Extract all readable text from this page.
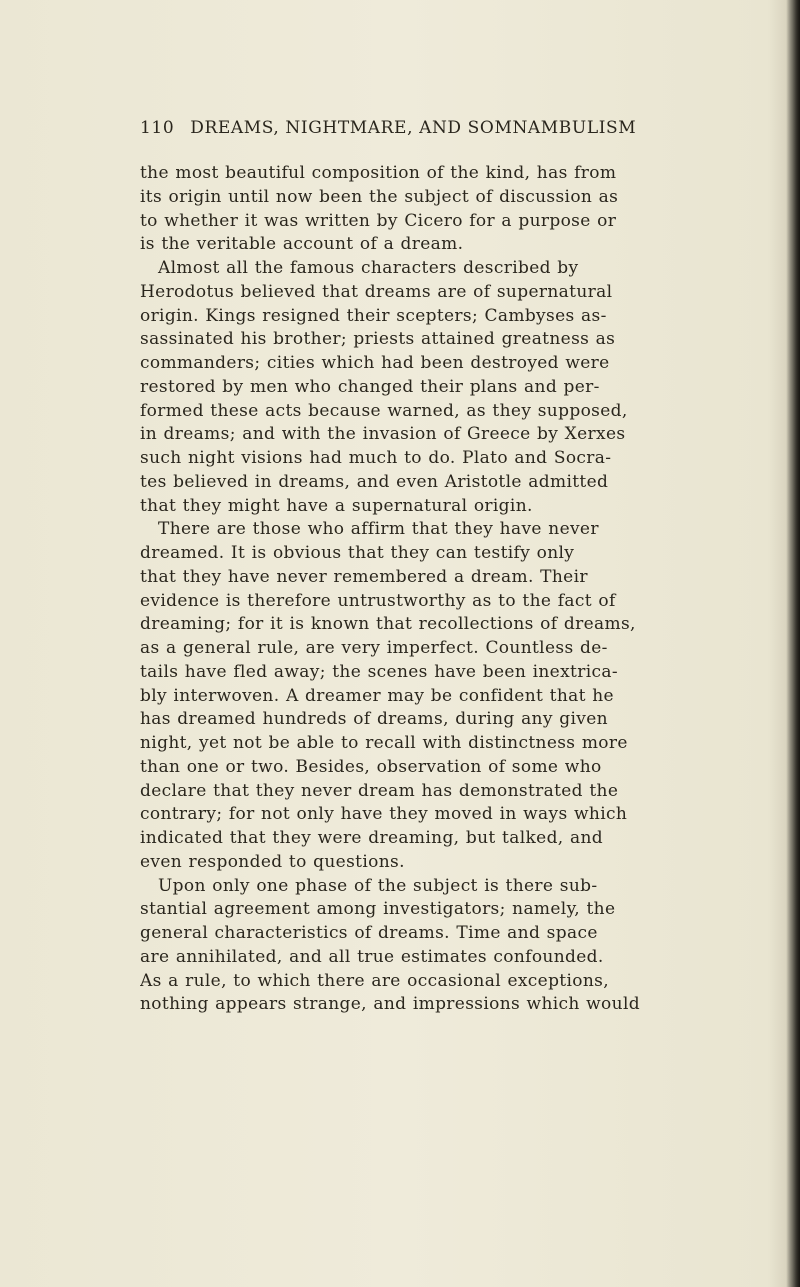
110 DREAMS, NIGHTMARE, AND SOMNAMBULISM
the most beautiful composition of the kind, has from
its origin until now been the subject of discussion as
to whether it was written by Cicero for a purpose or
is the veritable account of a dream.
Almost all the famous characters described by
Herodotus believed that dreams are of supernatural
origin. Kings resigned their scepters; Cambyses as-
sassinated his brother; priests attained greatness as
commanders; cities which had been destroyed were
restored by men who changed their plans and per-
formed these acts because warned, as they supposed,
in dreams; and with the invasion of Greece by Xerxes
such night visions had much to do. Plato and Socra-
tes believed in dreams, and even Aristotle admitted
that they might have a supernatural origin.
There are those who affirm that they have never
dreamed. It is obvious that they can testify only
that they have never remembered a dream. Their
evidence is therefore untrustworthy as to the fact of
dreaming; for it is known that recollections of dreams,
as a general rule, are very imperfect. Countless de-
tails have fled away; the scenes have been inextrica-
bly interwoven. A dreamer may be confident that he
has dreamed hundreds of dreams, during any given
night, yet not be able to recall with distinctness more
than one or two. Besides, observation of some who
declare that they never dream has demonstrated the
contrary; for not only have they moved in ways which
indicated that they were dreaming, but talked, and
even responded to questions.
Upon only one phase of the subject is there sub-
stantial agreement among investigators; namely, the
general characteristics of dreams. Time and space
are annihilated, and all true estimates confounded.
As a rule, to which there are occasional exceptions,
nothing appears strange, and impressions which would
